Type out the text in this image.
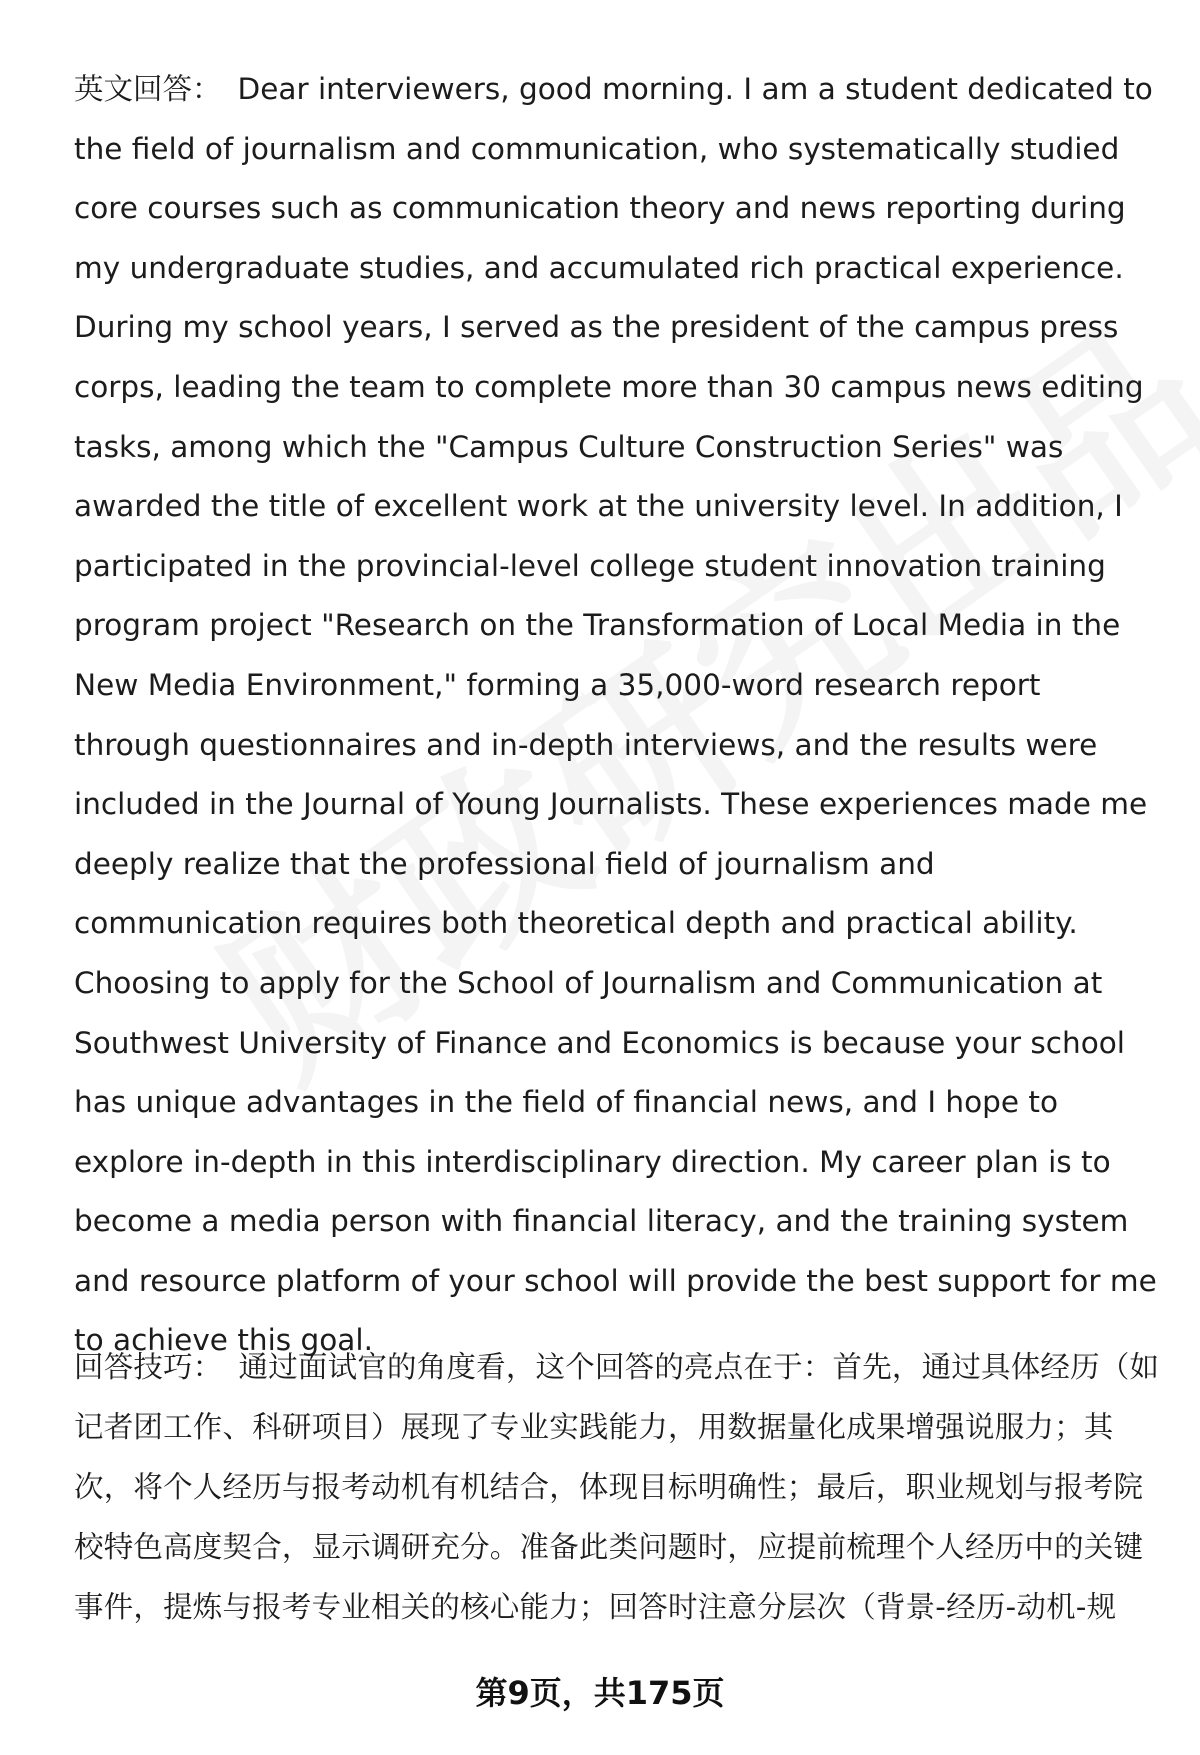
英文回答： Dear interviewers, good morning. I am a student dedicated to the field of journalism and communication, who systematically studied core courses such as communication theory and news reporting during my undergraduate studies, and accumulated rich practical experience. During my school years, I served as the president of the campus press corps, leading the team to complete more than 30 campus news editing tasks, among which the "Campus Culture Construction Series" was awarded the title of excellent work at the university level. In addition, I participated in the provincial-level college student innovation training program project "Research on the Transformation of Local Media in the New Media Environment," forming a 35,000-word research report through questionnaires and in-depth interviews, and the results were included in the Journal of Young Journalists. These experiences made me deeply realize that the professional field of journalism and communication requires both theoretical depth and practical ability. Choosing to apply for the School of Journalism and Communication at Southwest University of Finance and Economics is because your school has unique advantages in the field of financial news, and I hope to explore in-depth in this interdisciplinary direction. My career plan is to become a media person with financial literacy, and the training system and resource platform of your school will provide the best support for me to achieve this goal.

回答技巧： 通过面试官的角度看，这个回答的亮点在于：首先，通过具体经历（如记者团工作、科研项目）展现了专业实践能力，用数据量化成果增强说服力；其次，将个人经历与报考动机有机结合，体现目标明确性；最后，职业规划与报考院校特色高度契合，显示调研充分。准备此类问题时，应提前梳理个人经历中的关键事件，提炼与报考专业相关的核心能力；回答时注意分层次（背景-经历-动机-规

第9页，共175页
